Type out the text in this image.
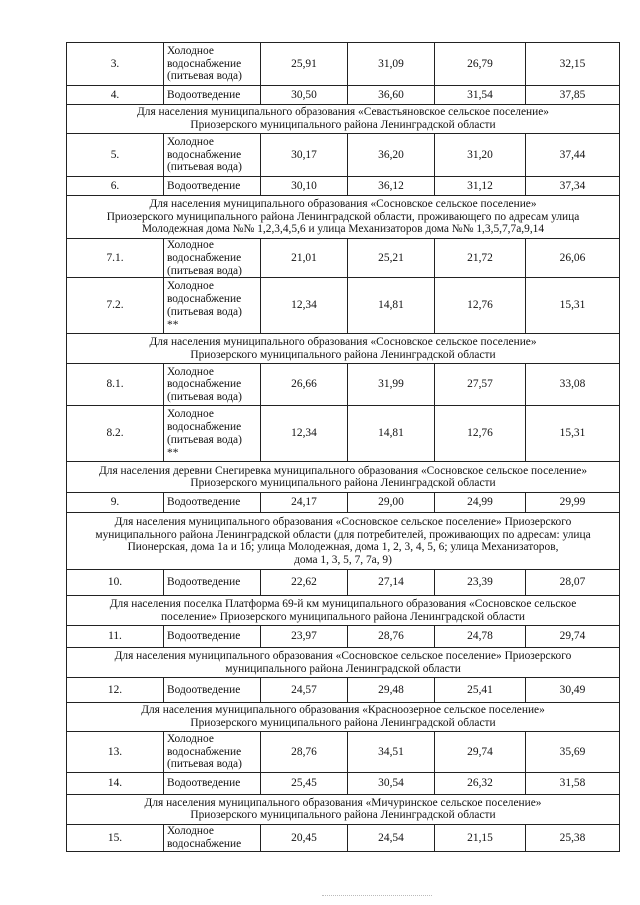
3.	Холодное
водоснабжение
(питьевая вода)	25,91	31,09	26,79	32,15
4.	Водоотведение	30,50	36,60	31,54	37,85

Для населения муниципального образования «Севастьяновское сельское поселение»
Приозерского муниципального района Ленинградской области					

5.	Холодное
водоснабжение
(питьевая вода)	30,17	36,20	31,20	37,44
6.	Водоотведение	30,10	36,12	31,12	37,34

Для населения муниципального образования «Сосновское сельское поселение»
Приозерского муниципального района Ленинградской области, проживающего по адресам улица
Молодежная дома №№ 1,2,3,4,5,6 и улица Механизаторов дома №№ 1,3,5,7,7а,9,14					

7.1.	Холодное
водоснабжение
(питьевая вода)	21,01	25,21	21,72	26,06
7.2.	Холодное
водоснабжение
(питьевая вода)
**	12,34	14,81	12,76	15,31

Для населения муниципального образования «Сосновское сельское поселение»
Приозерского муниципального района Ленинградской области					

8.1.	Холодное
водоснабжение
(питьевая вода)	26,66	31,99	27,57	33,08
8.2.	Холодное
водоснабжение
(питьевая вода)
**	12,34	14,81	12,76	15,31

Для населения деревни Снегиревка муниципального образования «Сосновское сельское поселение»
Приозерского муниципального района Ленинградской области					

9.	Водоотведение	24,17	29,00	24,99	29,99

Для населения муниципального образования «Сосновское сельское поселение» Приозерского
муниципального района Ленинградской области (для потребителей, проживающих по адресам: улица
Пионерская, дома 1а и 1б; улица Молодежная, дома 1, 2, 3, 4, 5, 6; улица Механизаторов,
дома 1, 3, 5, 7, 7а, 9)					

10.	Водоотведение	22,62	27,14	23,39	28,07

Для населения поселка Платформа 69-й км муниципального образования «Сосновское сельское
поселение» Приозерского муниципального района Ленинградской области					

11.	Водоотведение	23,97	28,76	24,78	29,74

Для населения муниципального образования «Сосновское сельское поселение» Приозерского
муниципального района Ленинградской области					

12.	Водоотведение	24,57	29,48	25,41	30,49

Для населения муниципального образования «Красноозерное сельское поселение»
Приозерского муниципального района Ленинградской области					

13.	Холодное
водоснабжение
(питьевая вода)	28,76	34,51	29,74	35,69
14.	Водоотведение	25,45	30,54	26,32	31,58

Для населения муниципального образования «Мичуринское сельское поселение»
Приозерского муниципального района Ленинградской области					

15.	Холодное
водоснабжение	20,45	24,54	21,15	25,38
